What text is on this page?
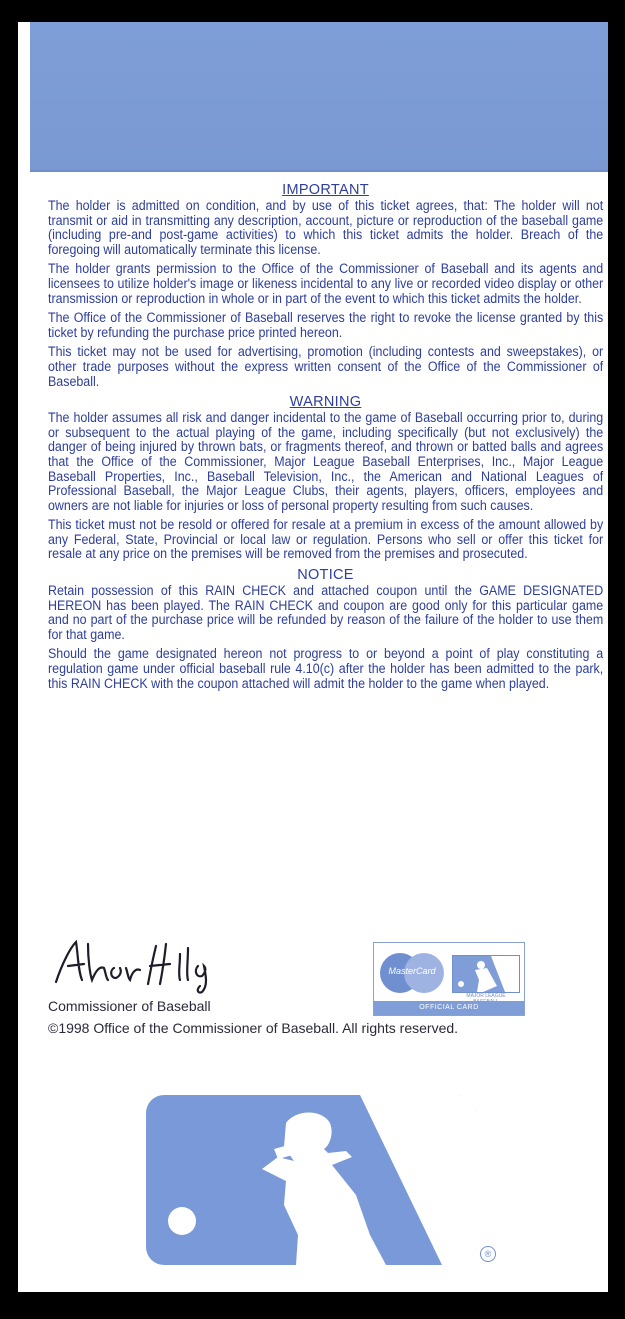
IMPORTANT

The holder is admitted on condition, and by use of this ticket agrees, that: The holder will not transmit or aid in transmitting any description, account, picture or reproduction of the baseball game (including pre-and post-game activities) to which this ticket admits the holder. Breach of the foregoing will automatically terminate this license.

The holder grants permission to the Office of the Commissioner of Baseball and its agents and licensees to utilize holder's image or likeness incidental to any live or recorded video display or other transmission or reproduction in whole or in part of the event to which this ticket admits the holder.

The Office of the Commissioner of Baseball reserves the right to revoke the license granted by this ticket by refunding the purchase price printed hereon.

This ticket may not be used for advertising, promotion (including contests and sweepstakes), or other trade purposes without the express written consent of the Office of the Commissioner of Baseball.

WARNING

The holder assumes all risk and danger incidental to the game of Baseball occurring prior to, during or subsequent to the actual playing of the game, including specifically (but not exclusively) the danger of being injured by thrown bats, or fragments thereof, and thrown or batted balls and agrees that the Office of the Commissioner, Major League Baseball Enterprises, Inc., Major League Baseball Properties, Inc., Baseball Television, Inc., the American and National Leagues of Professional Baseball, the Major League Clubs, their agents, players, officers, employees and owners are not liable for injuries or loss of personal property resulting from such causes.

This ticket must not be resold or offered for resale at a premium in excess of the amount allowed by any Federal, State, Provincial or local law or regulation. Persons who sell or offer this ticket for resale at any price on the premises will be removed from the premises and prosecuted.

NOTICE

Retain possession of this RAIN CHECK and attached coupon until the GAME DESIGNATED HEREON has been played. The RAIN CHECK and coupon are good only for this particular game and no part of the purchase price will be refunded by reason of the failure of the holder to use them for that game.

Should the game designated hereon not progress to or beyond a point of play constituting a regulation game under official baseball rule 4.10(c) after the holder has been admitted to the park, this RAIN CHECK with the coupon attached will admit the holder to the game when played.

MasterCard
MAJOR LEAGUE
OFFICIAL CARD
Commissioner of Baseball
©1998 Office of the Commissioner of Baseball. All rights reserved.
®
